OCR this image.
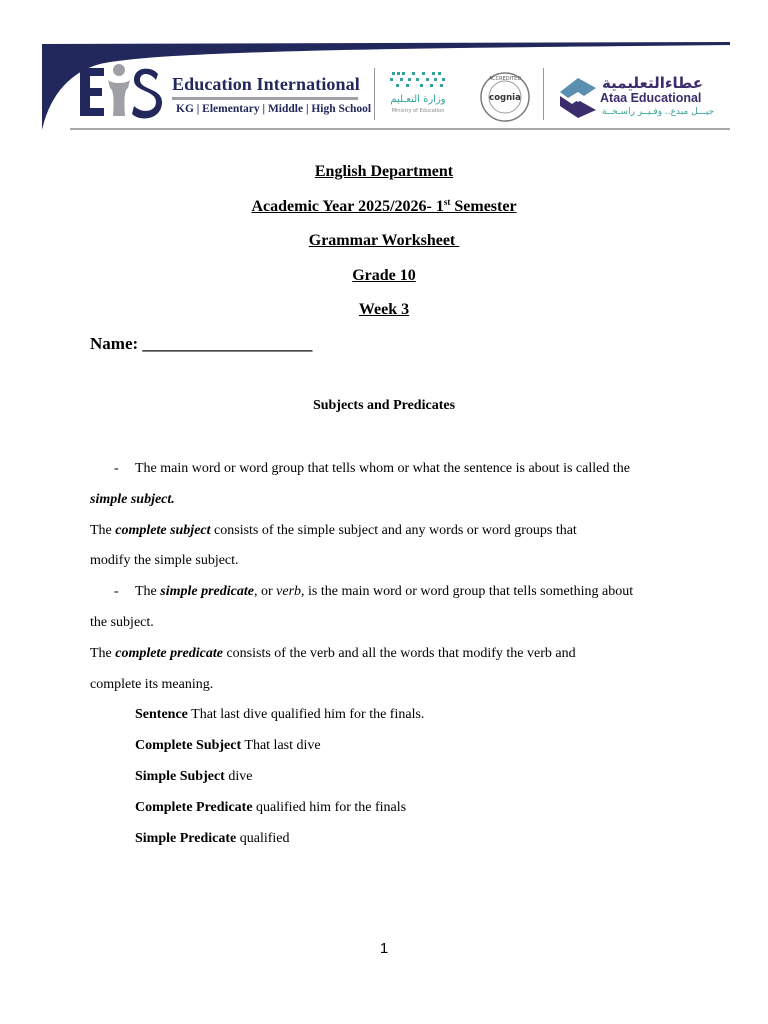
Education International
KG | Elementary | Middle | High School
وزارة التعـليم
Ministry of Education
ACCREDITED
cognia
عطاءالتعليمية
Ataa Educational
جيـــل مبدع.. وفـيــر راسـخــة
English Department
Academic Year 2025/2026- 1st Semester
Grammar Worksheet
Grade 10
Week 3
Name: ____________________
Subjects and Predicates
- The main word or word group that tells whom or what the sentence is about is called the
simple subject.
The complete subject consists of the simple subject and any words or word groups that
modify the simple subject.
- The simple predicate, or verb, is the main word or word group that tells something about
the subject.
The complete predicate consists of the verb and all the words that modify the verb and
complete its meaning.
Sentence That last dive qualified him for the finals.
Complete Subject That last dive
Simple Subject dive
Complete Predicate qualified him for the finals
Simple Predicate qualified
1
